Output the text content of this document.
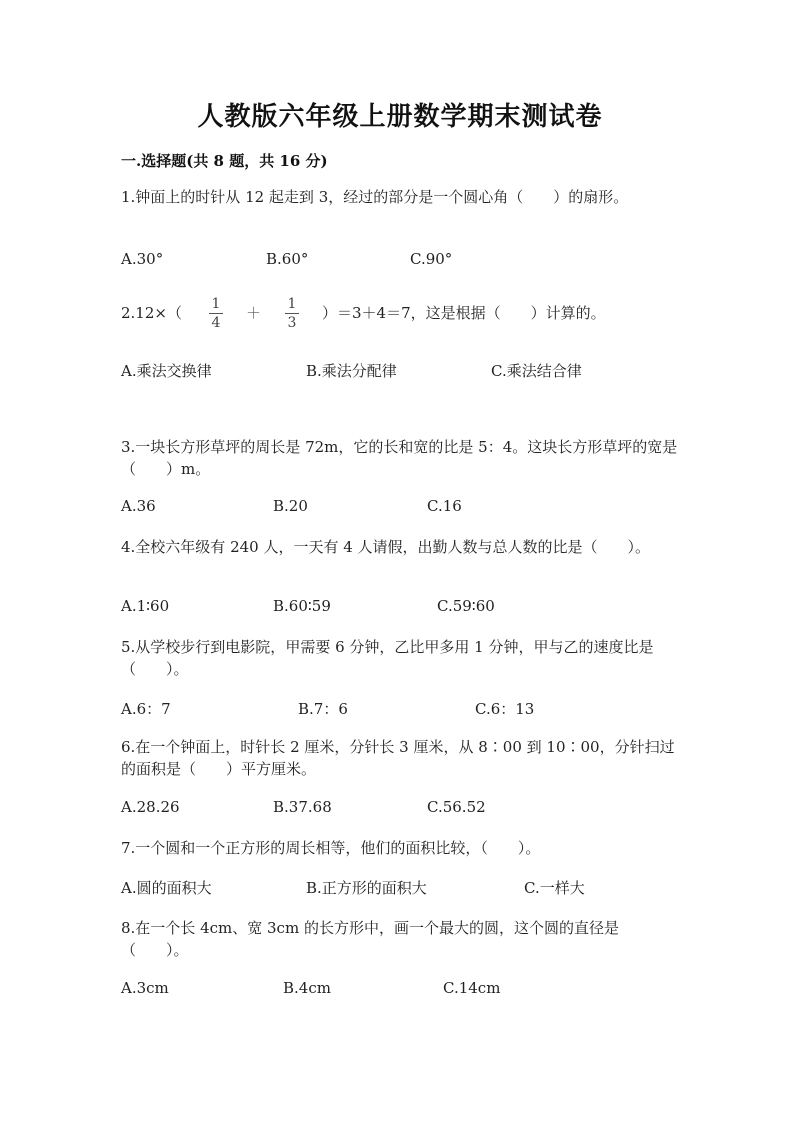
人教版六年级上册数学期末测试卷
一.选择题(共 8 题，共 16 分)
1.钟面上的时针从 12 起走到 3，经过的部分是一个圆心角（　　）的扇形。
A.30°	B.60°	C.90°
2.12×（	1
4
＋	1
3
）＝3＋4＝7，这是根据（　　）计算的。
A.乘法交换律	B.乘法分配律	C.乘法结合律
3.一块长方形草坪的周长是 72m，它的长和宽的比是 5：4。这块长方形草坪的宽是（　　）m。
A.36	B.20	C.16
4.全校六年级有 240 人，一天有 4 人请假，出勤人数与总人数的比是（　　）。
A.1∶60	B.60∶59	C.59∶60
5.从学校步行到电影院，甲需要 6 分钟，乙比甲多用 1 分钟，甲与乙的速度比是（　　）。
A.6：7	B.7：6	C.6：13
6.在一个钟面上，时针长 2 厘米，分针长 3 厘米，从 8∶00 到 10∶00，分针扫过的面积是（　　）平方厘米。
A.28.26	B.37.68	C.56.52
7.一个圆和一个正方形的周长相等，他们的面积比较，（　　）。
A.圆的面积大	B.正方形的面积大	C.一样大
8.在一个长 4cm、宽 3cm 的长方形中，画一个最大的圆，这个圆的直径是（　　）。
A.3cm	B.4cm	C.14cm
